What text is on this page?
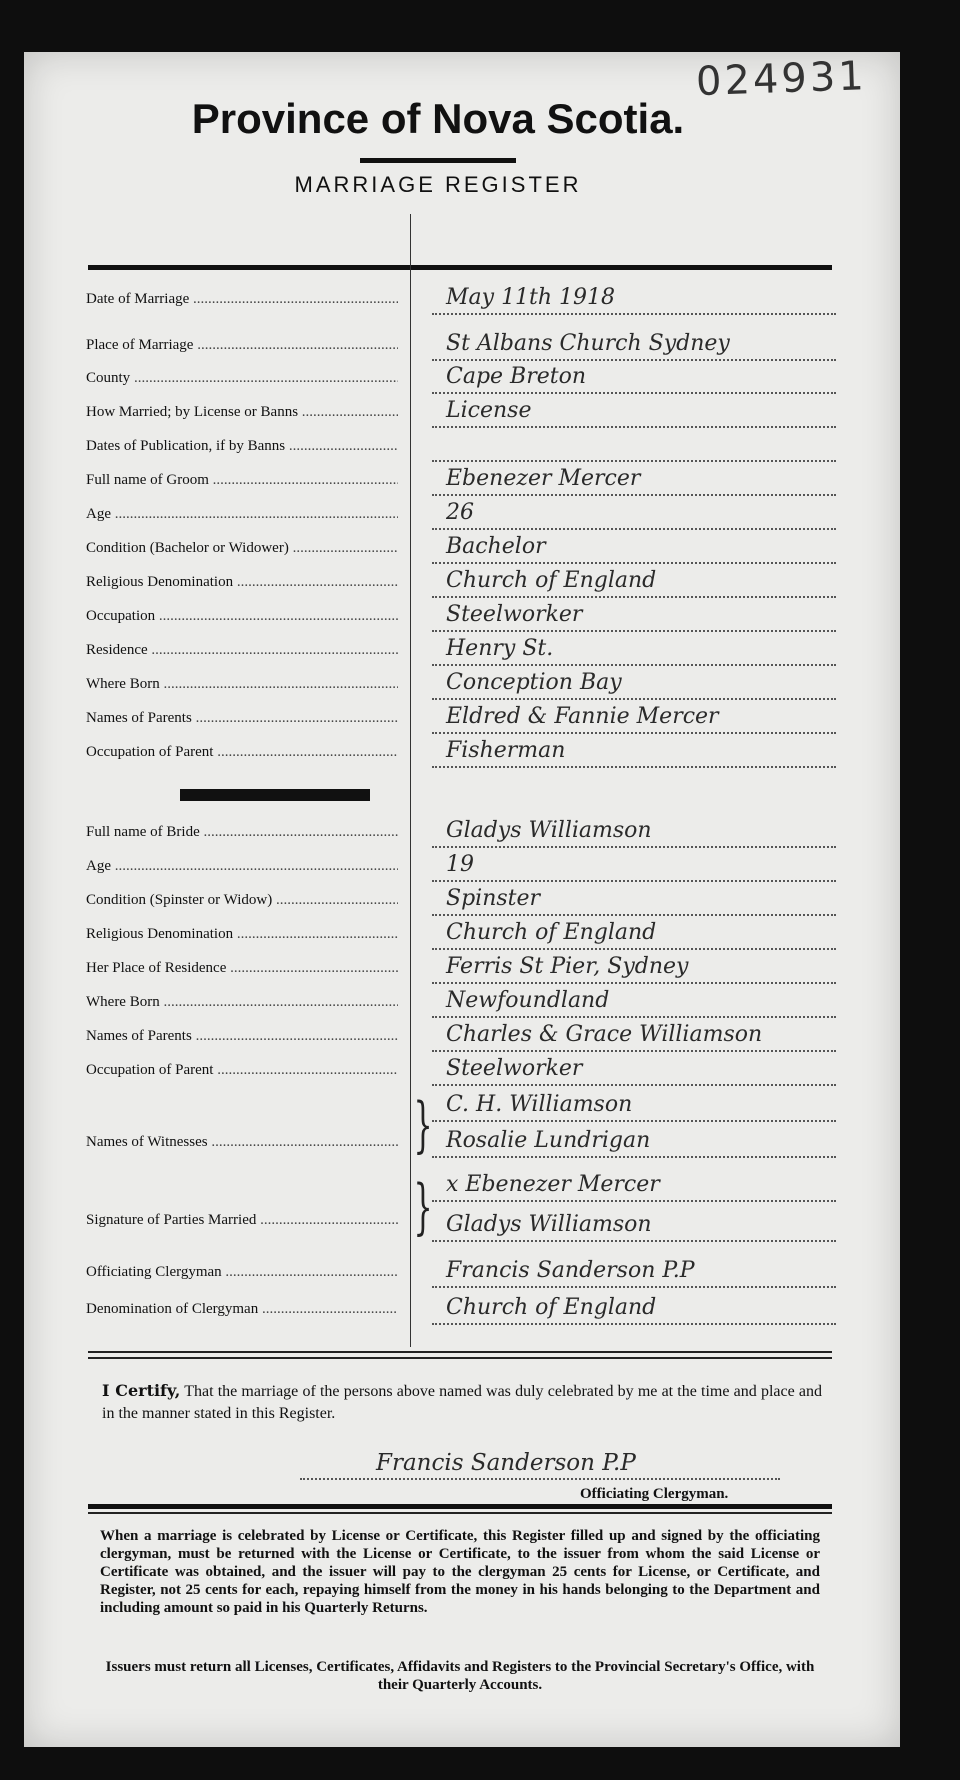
024931
Province of Nova Scotia.
MARRIAGE REGISTER
Date of Marriage .....	May 11th 1918
Place of Marriage .....	St Albans Church Sydney
County .....	Cape Breton
How Married; by License or Banns .....	License
Dates of Publication, if by Banns .....
Full name of Groom .....	Ebenezer Mercer
Age .....	26
Condition (Bachelor or Widower) .....	Bachelor
Religious Denomination .....	Church of England
Occupation .....	Steelworker
Residence .....	Henry St.
Where Born .....	Conception Bay
Names of Parents .....	Eldred & Fannie Mercer
Occupation of Parent .....	Fisherman
Full name of Bride .....	Gladys Williamson
Age .....	19
Condition (Spinster or Widow) .....	Spinster
Religious Denomination .....	Church of England
Her Place of Residence .....	Ferris St Pier, Sydney
Where Born .....	Newfoundland
Names of Parents .....	Charles & Grace Williamson
Occupation of Parent .....	Steelworker
Names of Witnesses .....	} C. H. Williamson
Rosalie Lundrigan
Signature of Parties Married .....	} x Ebenezer Mercer
Gladys Williamson
Officiating Clergyman .....	Francis Sanderson P.P
Denomination of Clergyman .....	Church of England
I Certify, That the marriage of the persons above named was duly celebrated by me at the time and place and in the manner stated in this Register.
Francis Sanderson P.P
Officiating Clergyman.
When a marriage is celebrated by License or Certificate, this Register filled up and signed by the officiating clergyman, must be returned with the License or Certificate, to the issuer from whom the said License or Certificate was obtained, and the issuer will pay to the clergyman 25 cents for License, or Certificate, and Register, not 25 cents for each, repaying himself from the money in his hands belonging to the Department and including amount so paid in his Quarterly Returns.
Issuers must return all Licenses, Certificates, Affidavits and Registers to the Provincial Secretary's Office, with their Quarterly Accounts.
